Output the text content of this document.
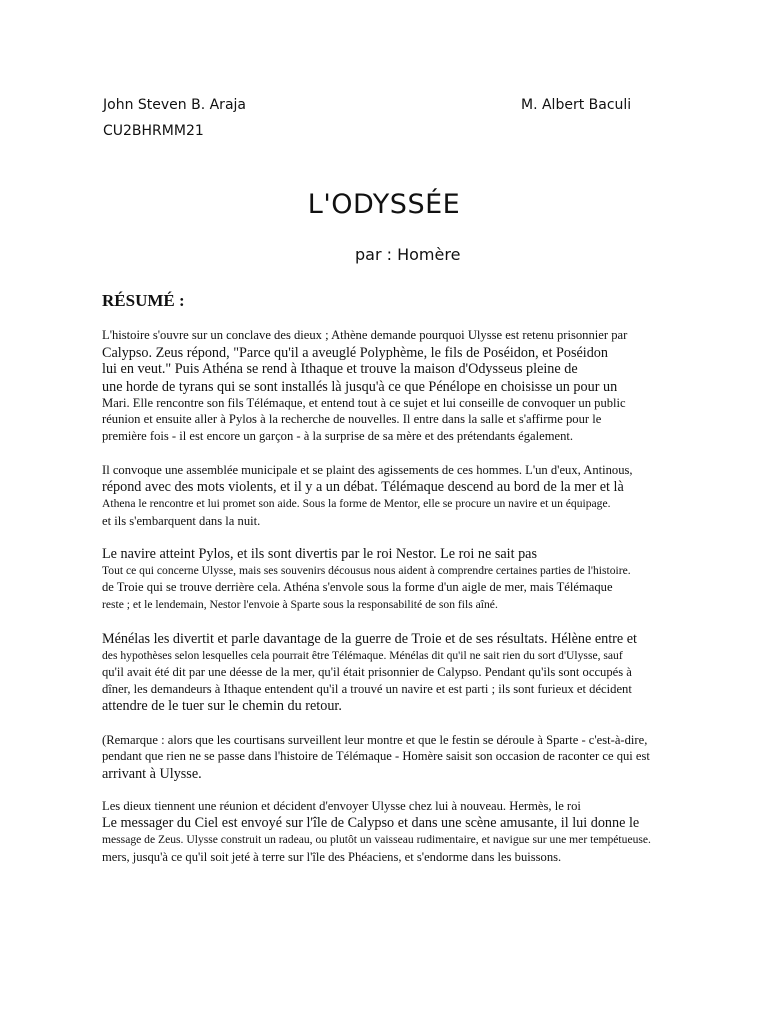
John Steven B. Araja
CU2BHRMM21
M. Albert Baculi
L'ODYSSÉE
par : Homère
RÉSUMÉ :
L'histoire s'ouvre sur un conclave des dieux ; Athène demande pourquoi Ulysse est retenu prisonnier par
Calypso. Zeus répond, "Parce qu'il a aveuglé Polyphème, le fils de Poséidon, et Poséidon
lui en veut." Puis Athéna se rend à Ithaque et trouve la maison d'Odysseus pleine de
une horde de tyrans qui se sont installés là jusqu'à ce que Pénélope en choisisse un pour un
Mari. Elle rencontre son fils Télémaque, et entend tout à ce sujet et lui conseille de convoquer un public
réunion et ensuite aller à Pylos à la recherche de nouvelles. Il entre dans la salle et s'affirme pour le
première fois - il est encore un garçon - à la surprise de sa mère et des prétendants également.
Il convoque une assemblée municipale et se plaint des agissements de ces hommes. L'un d'eux, Antinous,
répond avec des mots violents, et il y a un débat. Télémaque descend au bord de la mer et là
Athena le rencontre et lui promet son aide. Sous la forme de Mentor, elle se procure un navire et un équipage.
et ils s'embarquent dans la nuit.
Le navire atteint Pylos, et ils sont divertis par le roi Nestor. Le roi ne sait pas
Tout ce qui concerne Ulysse, mais ses souvenirs décousus nous aident à comprendre certaines parties de l'histoire.
de Troie qui se trouve derrière cela. Athéna s'envole sous la forme d'un aigle de mer, mais Télémaque
reste ; et le lendemain, Nestor l'envoie à Sparte sous la responsabilité de son fils aîné.
Ménélas les divertit et parle davantage de la guerre de Troie et de ses résultats. Hélène entre et
des hypothèses selon lesquelles cela pourrait être Télémaque. Ménélas dit qu'il ne sait rien du sort d'Ulysse, sauf
qu'il avait été dit par une déesse de la mer, qu'il était prisonnier de Calypso. Pendant qu'ils sont occupés à
dîner, les demandeurs à Ithaque entendent qu'il a trouvé un navire et est parti ; ils sont furieux et décident
attendre de le tuer sur le chemin du retour.
(Remarque : alors que les courtisans surveillent leur montre et que le festin se déroule à Sparte - c'est-à-dire,
pendant que rien ne se passe dans l'histoire de Télémaque - Homère saisit son occasion de raconter ce qui est
arrivant à Ulysse.
Les dieux tiennent une réunion et décident d'envoyer Ulysse chez lui à nouveau. Hermès, le roi
Le messager du Ciel est envoyé sur l'île de Calypso et dans une scène amusante, il lui donne le
message de Zeus. Ulysse construit un radeau, ou plutôt un vaisseau rudimentaire, et navigue sur une mer tempétueuse.
mers, jusqu'à ce qu'il soit jeté à terre sur l'île des Phéaciens, et s'endorme dans les buissons.
